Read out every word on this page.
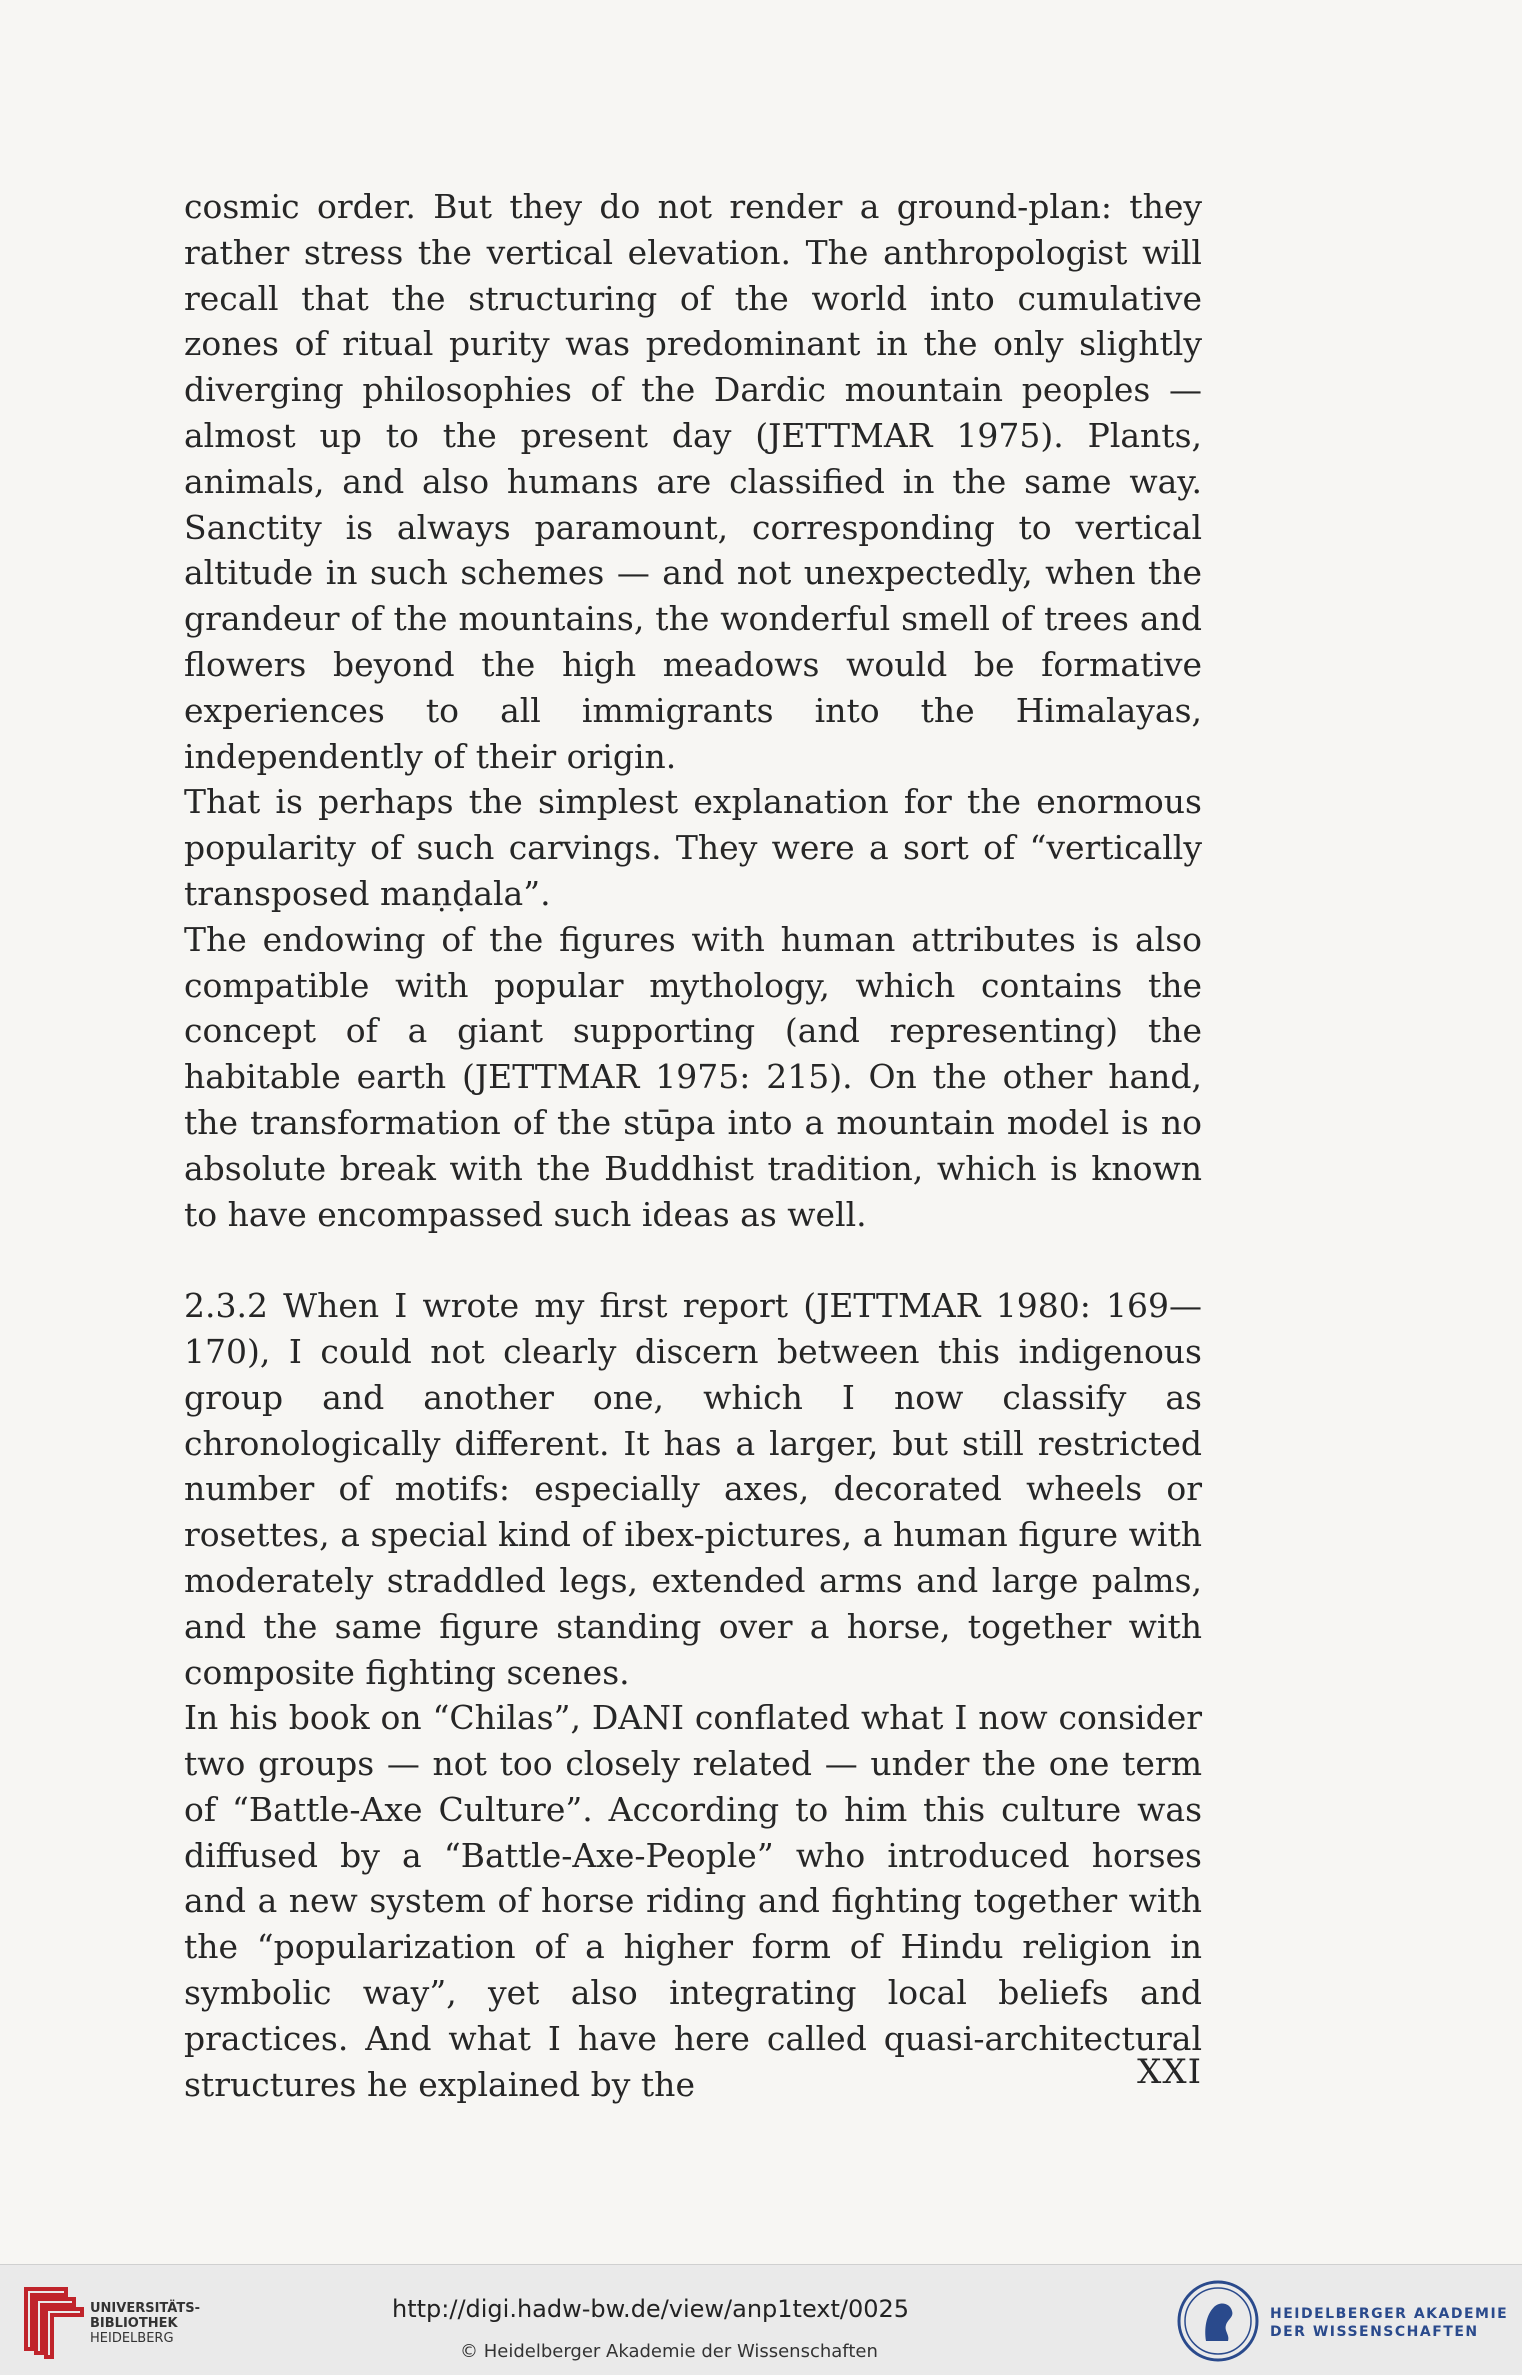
cosmic order. But they do not render a ground-plan: they rather stress the vertical elevation. The anthropologist will recall that the structuring of the world into cumulative zones of ritual purity was predominant in the only slightly diverging philosophies of the Dardic mountain peoples — almost up to the present day (JETTMAR 1975). Plants, animals, and also humans are classified in the same way. Sanctity is always paramount, corresponding to vertical altitude in such schemes — and not unexpectedly, when the grandeur of the mountains, the wonderful smell of trees and flowers beyond the high meadows would be formative experiences to all immigrants into the Himalayas, independently of their origin.

That is perhaps the simplest explanation for the enormous popularity of such carvings. They were a sort of “vertically transposed maṇḍala”.

The endowing of the figures with human attributes is also compatible with popular mythology, which contains the concept of a giant supporting (and representing) the habitable earth (JETTMAR 1975: 215). On the other hand, the transformation of the stūpa into a mountain model is no absolute break with the Buddhist tradition, which is known to have encompassed such ideas as well.

2.3.2 When I wrote my first report (JETTMAR 1980: 169—170), I could not clearly discern between this indigenous group and another one, which I now classify as chronologically different. It has a larger, but still restricted number of motifs: especially axes, decorated wheels or rosettes, a special kind of ibex-pictures, a human figure with moderately straddled legs, extended arms and large palms, and the same figure standing over a horse, together with composite fighting scenes.

In his book on “Chilas”, DANI conflated what I now consider two groups — not too closely related — under the one term of “Battle-Axe Culture”. According to him this culture was diffused by a “Battle-Axe-People” who introduced horses and a new system of horse riding and fighting together with the “popularization of a higher form of Hindu religion in symbolic way”, yet also integrating local beliefs and practices. And what I have here called quasi-architectural structures he explained by the	XXI
UNIVERSITÄTS-
BIBLIOTHEK
HEIDELBERG
http://digi.hadw-bw.de/view/anp1text/0025
© Heidelberger Akademie der Wissenschaften
HEIDELBERGER AKADEMIE
DER WISSENSCHAFTEN
